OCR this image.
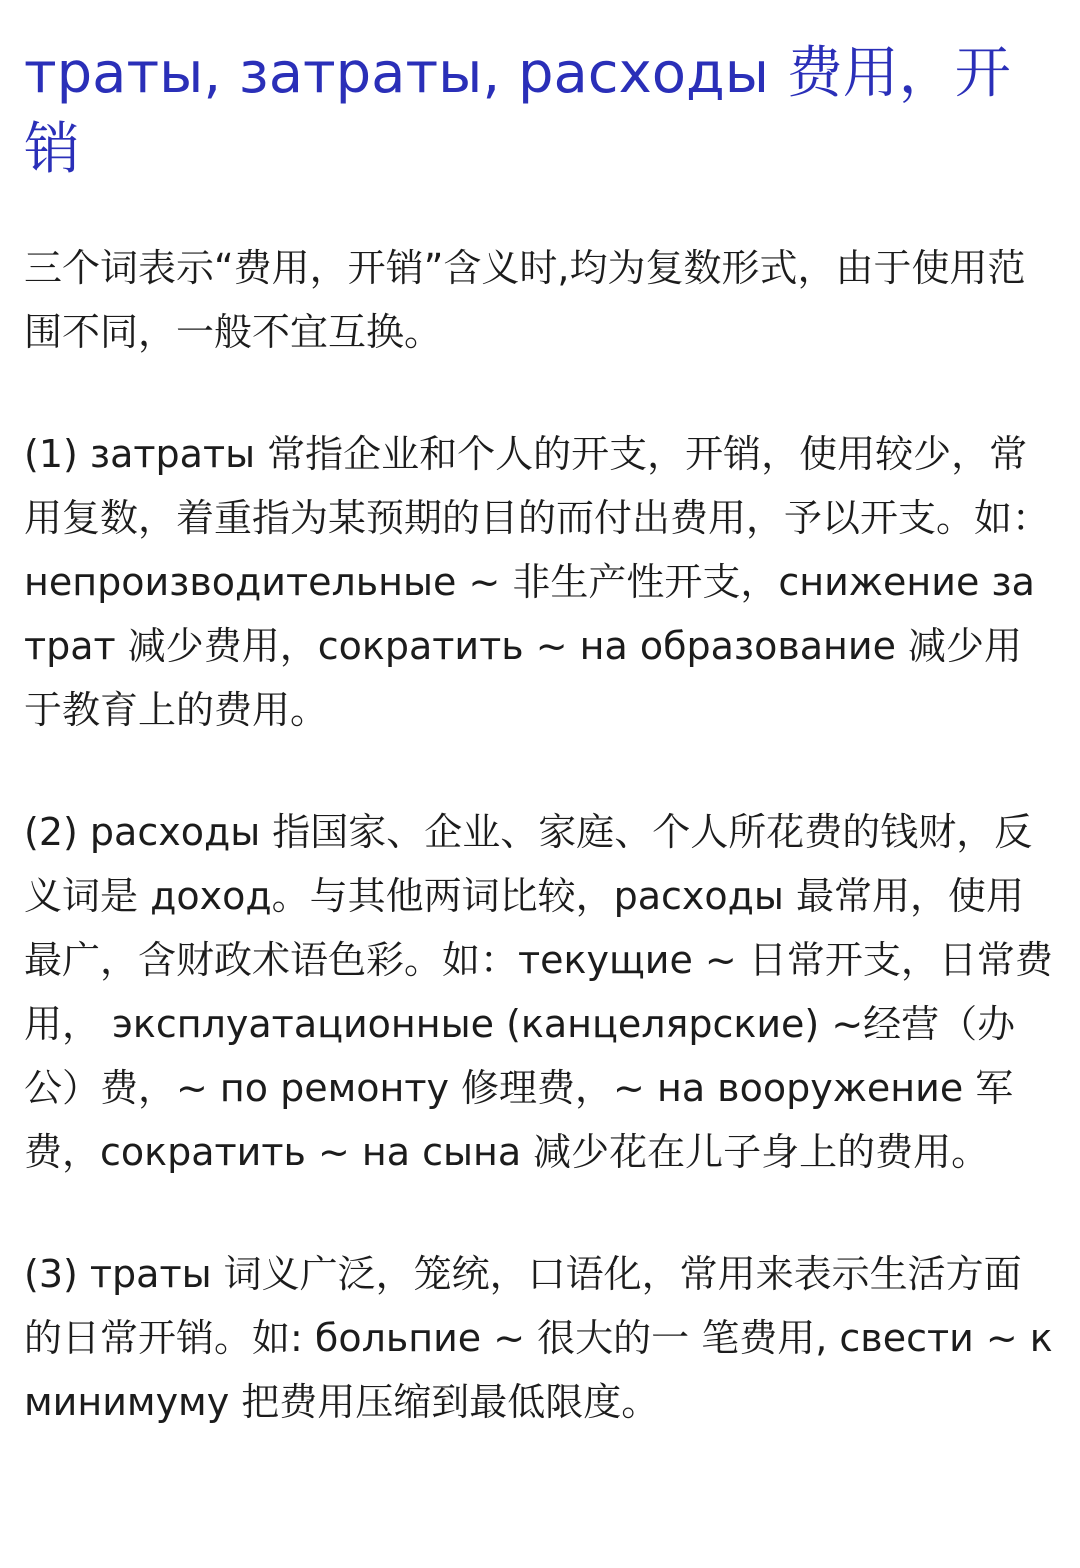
траты, затраты, расходы 费用，开销

三个词表示“费用，开销”含义时,均为复数形式，由于使用范围不同，一般不宜互换。

(1) затраты 常指企业和个人的开支，开销，使用较少，常用复数，着重指为某预期的目的而付出费用，予以开支。如：непроизводительные ~ 非生产性开支，снижение затрат 减少费用，сократить ~ на образование 减少用于教育上的费用。

(2) расходы 指国家、企业、家庭、个人所花费的钱财，反义词是 доход。与其他两词比较，расходы 最常用，使用最广，含财政术语色彩。如：текущие ~ 日常开支，日常费用， эксплуатационные (канцелярские) ~经营（办公）费，~ по ремонту 修理费，~ на вооружение 军费，сократить ~ на сына 减少花在儿子身上的费用。

(3) траты 词义广泛，笼统，口语化，常用来表示生活方面的日常开销。如: больпие ~ 很大的一 笔费用, свести ~ к минимуму 把费用压缩到最低限度。
